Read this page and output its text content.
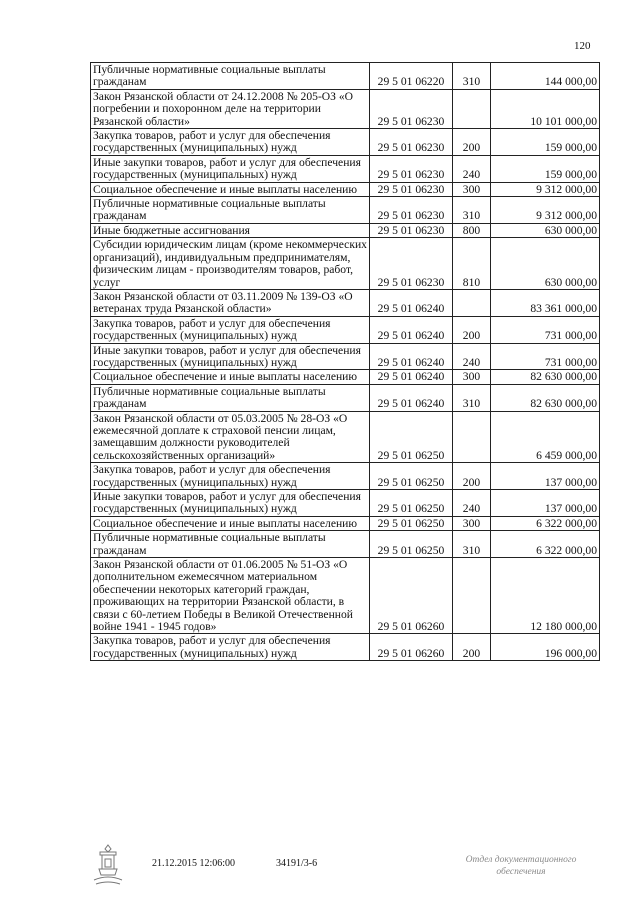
120
Публичные нормативные социальные выплаты гражданам	29 5 01 06220	310	144 000,00
Закон Рязанской области от 24.12.2008 № 205-ОЗ «О погребении и похоронном деле на территории Рязанской области»	29 5 01 06230		10 101 000,00
Закупка товаров, работ и услуг для обеспечения государственных (муниципальных) нужд	29 5 01 06230	200	159 000,00
Иные закупки товаров, работ и услуг для обеспечения государственных (муниципальных) нужд	29 5 01 06230	240	159 000,00
Социальное обеспечение и иные выплаты населению	29 5 01 06230	300	9 312 000,00
Публичные нормативные социальные выплаты гражданам	29 5 01 06230	310	9 312 000,00
Иные бюджетные ассигнования	29 5 01 06230	800	630 000,00
Субсидии юридическим лицам (кроме некоммерческих организаций), индивидуальным предпринимателям, физическим лицам - производителям товаров, работ, услуг	29 5 01 06230	810	630 000,00
Закон Рязанской области от 03.11.2009 № 139-ОЗ «О ветеранах труда Рязанской области»	29 5 01 06240		83 361 000,00
Закупка товаров, работ и услуг для обеспечения государственных (муниципальных) нужд	29 5 01 06240	200	731 000,00
Иные закупки товаров, работ и услуг для обеспечения государственных (муниципальных) нужд	29 5 01 06240	240	731 000,00
Социальное обеспечение и иные выплаты населению	29 5 01 06240	300	82 630 000,00
Публичные нормативные социальные выплаты гражданам	29 5 01 06240	310	82 630 000,00
Закон Рязанской области от 05.03.2005 № 28-ОЗ «О ежемесячной доплате к страховой пенсии лицам, замещавшим должности руководителей сельскохозяйственных организаций»	29 5 01 06250		6 459 000,00
Закупка товаров, работ и услуг для обеспечения государственных (муниципальных) нужд	29 5 01 06250	200	137 000,00
Иные закупки товаров, работ и услуг для обеспечения государственных (муниципальных) нужд	29 5 01 06250	240	137 000,00
Социальное обеспечение и иные выплаты населению	29 5 01 06250	300	6 322 000,00
Публичные нормативные социальные выплаты гражданам	29 5 01 06250	310	6 322 000,00
Закон Рязанской области от 01.06.2005 № 51-ОЗ «О дополнительном ежемесячном материальном обеспечении некоторых категорий граждан, проживающих на территории Рязанской области, в связи с 60-летием Победы в Великой Отечественной войне 1941 - 1945 годов»	29 5 01 06260		12 180 000,00
Закупка товаров, работ и услуг для обеспечения государственных (муниципальных) нужд	29 5 01 06260	200	196 000,00
21.12.2015 12:06:00	34191/3-6	Отдел документационного
обеспечения
